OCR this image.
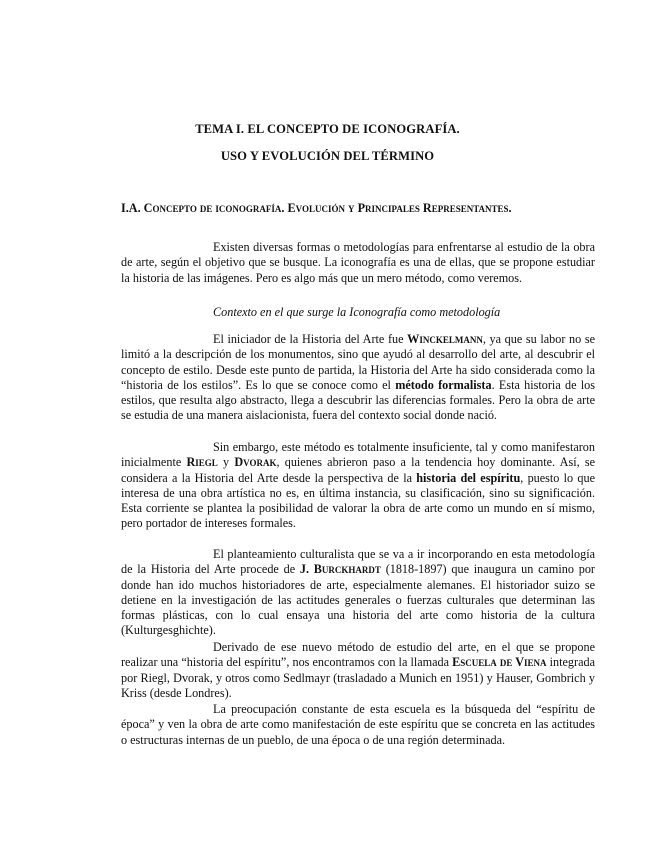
TEMA I. EL CONCEPTO DE ICONOGRAFÍA.
USO Y EVOLUCIÓN DEL TÉRMINO
I.A. Concepto de iconografía. Evolución y Principales Representantes.

Existen diversas formas o metodologías para enfrentarse al estudio de la obra de arte, según el objetivo que se busque. La iconografía es una de ellas, que se propone estudiar la historia de las imágenes. Pero es algo más que un mero método, como veremos.

Contexto en el que surge la Iconografía como metodología

El iniciador de la Historia del Arte fue Winckelmann, ya que su labor no se limitó a la descripción de los monumentos, sino que ayudó al desarrollo del arte, al descubrir el concepto de estilo. Desde este punto de partida, la Historia del Arte ha sido considerada como la “historia de los estilos”. Es lo que se conoce como el método formalista. Esta historia de los estilos, que resulta algo abstracto, llega a descubrir las diferencias formales. Pero la obra de arte se estudia de una manera aislacionista, fuera del contexto social donde nació.

Sin embargo, este método es totalmente insuficiente, tal y como manifestaron inicialmente Riegl y Dvorak, quienes abrieron paso a la tendencia hoy dominante. Así, se considera a la Historia del Arte desde la perspectiva de la historia del espíritu, puesto lo que interesa de una obra artística no es, en última instancia, su clasificación, sino su significación. Esta corriente se plantea la posibilidad de valorar la obra de arte como un mundo en sí mismo, pero portador de intereses formales.

El planteamiento culturalista que se va a ir incorporando en esta metodología de la Historia del Arte procede de J. Burckhardt (1818-1897) que inaugura un camino por donde han ido muchos historiadores de arte, especialmente alemanes. El historiador suizo se detiene en la investigación de las actitudes generales o fuerzas culturales que determinan las formas plásticas, con lo cual ensaya una historia del arte como historia de la cultura (Kulturgesghichte).

Derivado de ese nuevo método de estudio del arte, en el que se propone realizar una “historia del espíritu”, nos encontramos con la llamada Escuela de Viena integrada por Riegl, Dvorak, y otros como Sedlmayr (trasladado a Munich en 1951) y Hauser, Gombrich y Kriss (desde Londres).

La preocupación constante de esta escuela es la búsqueda del “espíritu de época” y ven la obra de arte como manifestación de este espíritu que se concreta en las actitudes o estructuras internas de un pueblo, de una época o de una región determinada.
